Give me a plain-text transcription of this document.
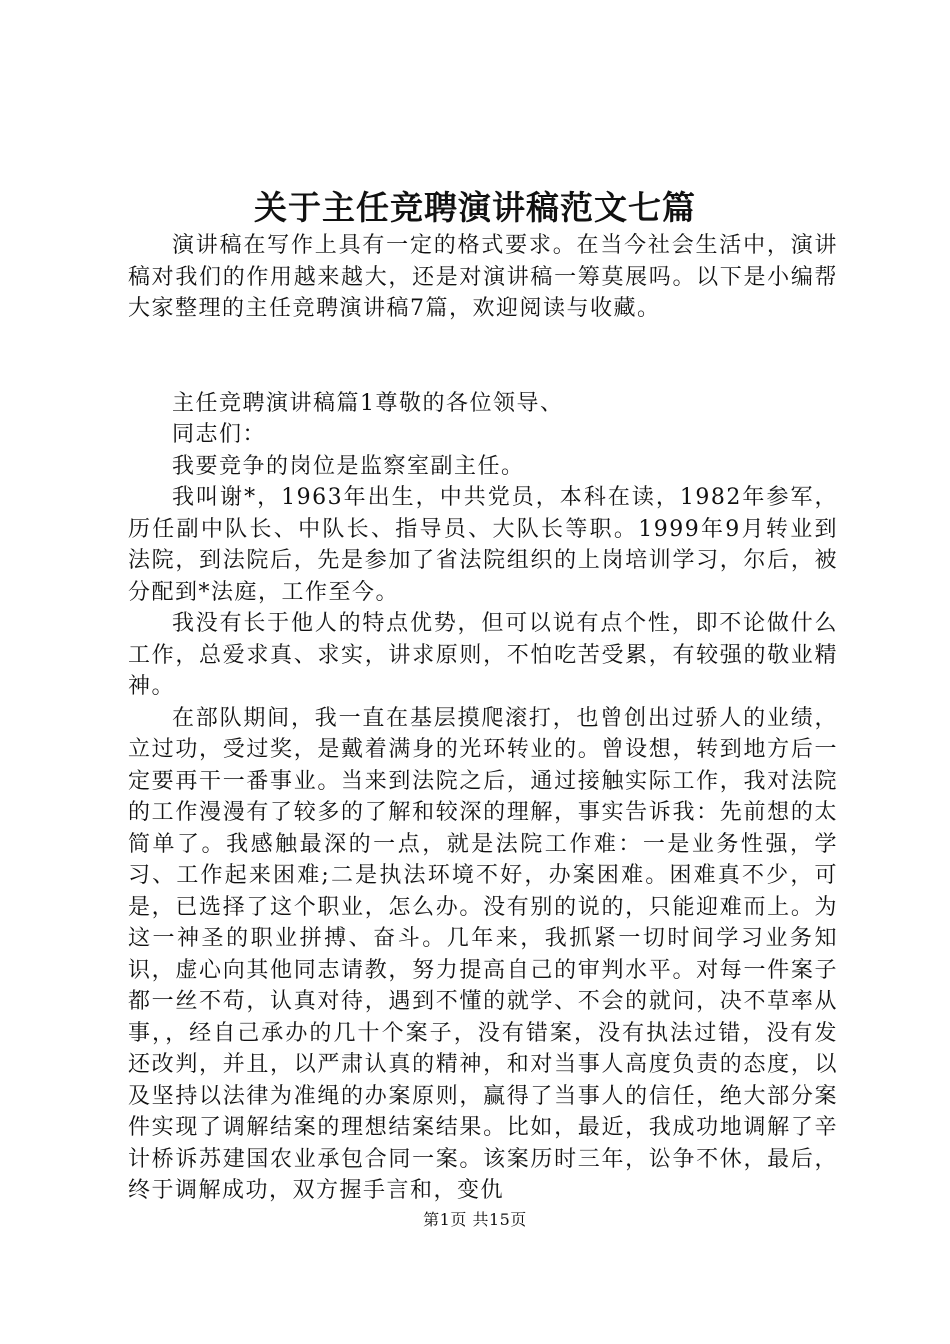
关于主任竞聘演讲稿范文七篇

演讲稿在写作上具有一定的格式要求。在当今社会生活中，演讲稿对我们的作用越来越大，还是对演讲稿一筹莫展吗。以下是小编帮大家整理的主任竞聘演讲稿7篇，欢迎阅读与收藏。

主任竞聘演讲稿篇1尊敬的各位领导、

同志们：

我要竞争的岗位是监察室副主任。

我叫谢*，1963年出生，中共党员，本科在读，1982年参军，历任副中队长、中队长、指导员、大队长等职。1999年9月转业到法院，到法院后，先是参加了省法院组织的上岗培训学习，尔后，被分配到*法庭，工作至今。

我没有长于他人的特点优势，但可以说有点个性，即不论做什么工作，总爱求真、求实，讲求原则，不怕吃苦受累，有较强的敬业精神。

在部队期间，我一直在基层摸爬滚打，也曾创出过骄人的业绩，立过功，受过奖，是戴着满身的光环转业的。曾设想，转到地方后一定要再干一番事业。当来到法院之后，通过接触实际工作，我对法院的工作漫漫有了较多的了解和较深的理解，事实告诉我：先前想的太简单了。我感触最深的一点，就是法院工作难：一是业务性强，学习、工作起来困难;二是执法环境不好，办案困难。困难真不少，可是，已选择了这个职业，怎么办。没有别的说的，只能迎难而上。为这一神圣的职业拼搏、奋斗。几年来，我抓紧一切时间学习业务知识，虚心向其他同志请教，努力提高自己的审判水平。对每一件案子都一丝不苟，认真对待，遇到不懂的就学、不会的就问，决不草率从事，，经自己承办的几十个案子，没有错案，没有执法过错，没有发还改判，并且，以严肃认真的精神，和对当事人高度负责的态度，以及坚持以法律为准绳的办案原则，赢得了当事人的信任，绝大部分案件实现了调解结案的理想结案结果。比如，最近，我成功地调解了辛计桥诉苏建国农业承包合同一案。该案历时三年，讼争不休，最后，终于调解成功，双方握手言和，变仇

第1页 共15页
